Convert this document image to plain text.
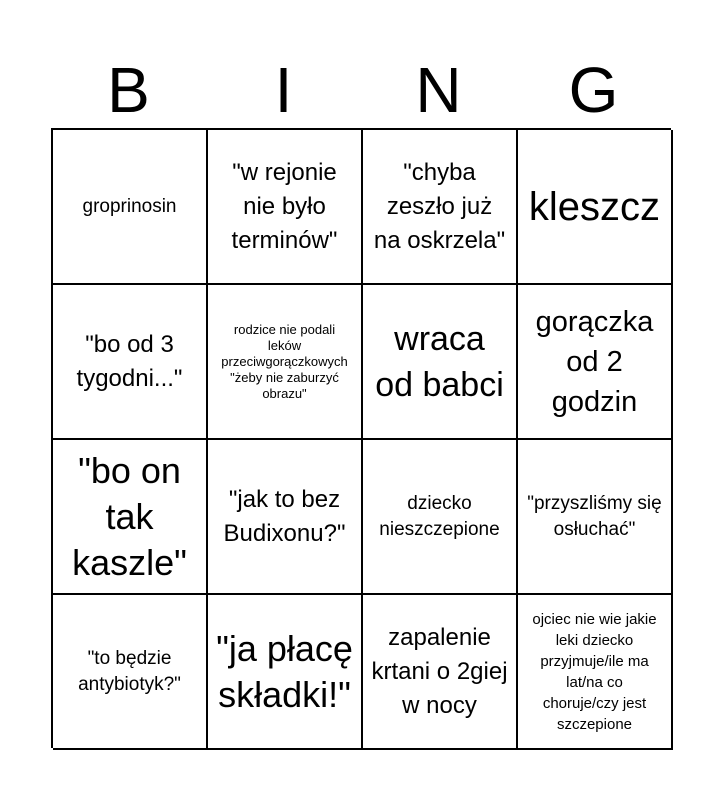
B	I	N	G
groprinosin
"w rejonie nie było terminów"
"chyba zeszło już na oskrzela"
kleszcz
"bo od 3 tygodni..."
rodzice nie podali leków przeciwgorączkowych "żeby nie zaburzyć obrazu"
wraca od babci
gorączka od 2 godzin
"bo on tak kaszle"
"jak to bez Budixonu?"
dziecko nieszczepione
"przyszliśmy się osłuchać"
"to będzie antybiotyk?"
"ja płacę składki!"
zapalenie krtani o 2giej w nocy
ojciec nie wie jakie leki dziecko przyjmuje/ile ma lat/na co choruje/czy jest szczepione
